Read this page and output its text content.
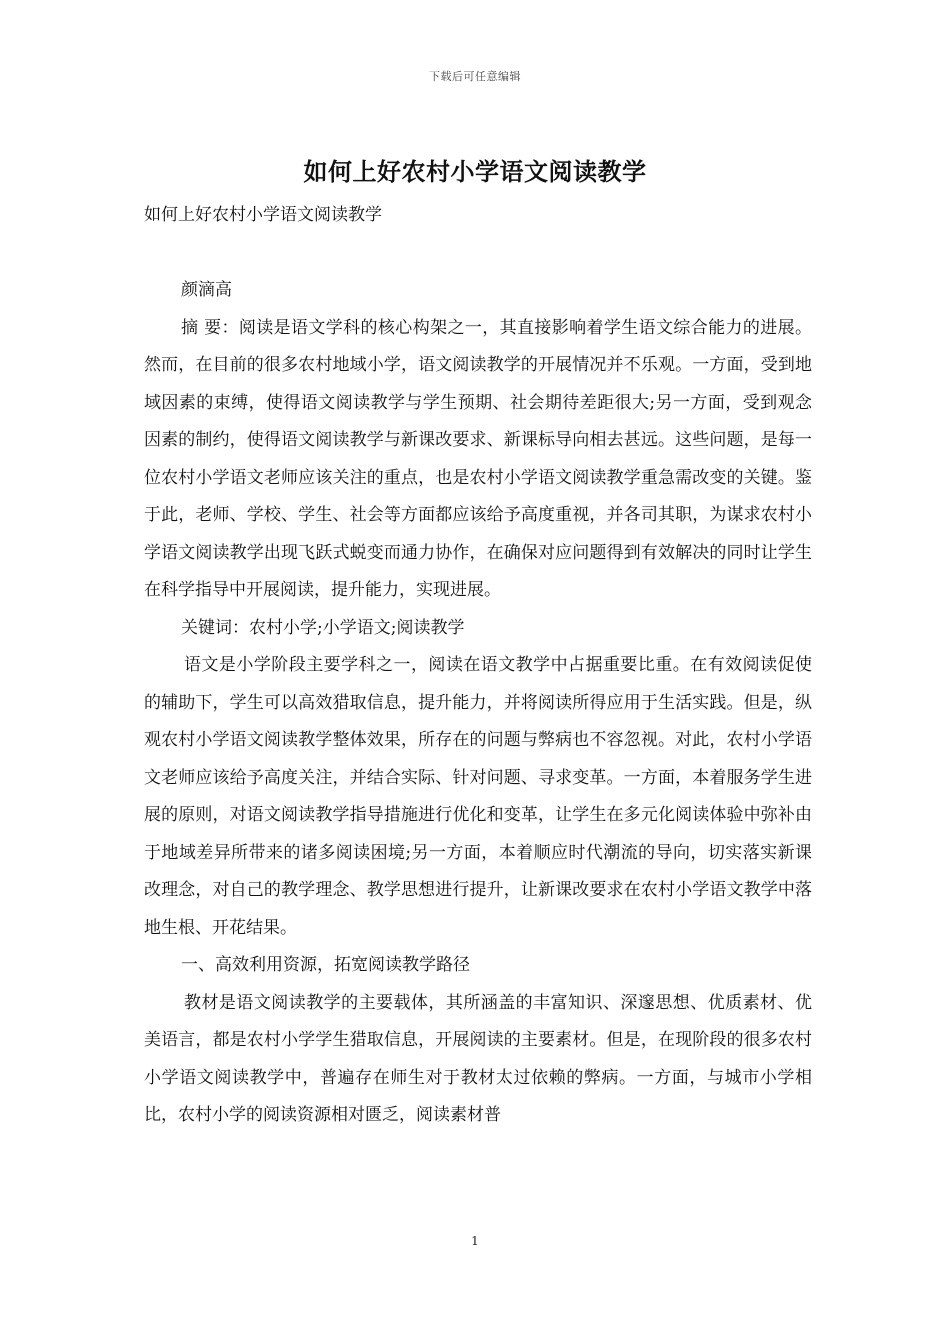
下载后可任意编辑
如何上好农村小学语文阅读教学

如何上好农村小学语文阅读教学

颜滴高

摘 要：阅读是语文学科的核心构架之一，其直接影响着学生语文综合能力的进展。然而，在目前的很多农村地域小学，语文阅读教学的开展情况并不乐观。一方面，受到地域因素的束缚，使得语文阅读教学与学生预期、社会期待差距很大;另一方面，受到观念因素的制约，使得语文阅读教学与新课改要求、新课标导向相去甚远。这些问题，是每一位农村小学语文老师应该关注的重点，也是农村小学语文阅读教学重急需改变的关键。鉴于此，老师、学校、学生、社会等方面都应该给予高度重视，并各司其职，为谋求农村小学语文阅读教学出现飞跃式蜕变而通力协作，在确保对应问题得到有效解决的同时让学生在科学指导中开展阅读，提升能力，实现进展。

关键词：农村小学;小学语文;阅读教学

语文是小学阶段主要学科之一，阅读在语文教学中占据重要比重。在有效阅读促使的辅助下，学生可以高效猎取信息，提升能力，并将阅读所得应用于生活实践。但是，纵观农村小学语文阅读教学整体效果，所存在的问题与弊病也不容忽视。对此，农村小学语文老师应该给予高度关注，并结合实际、针对问题、寻求变革。一方面，本着服务学生进展的原则，对语文阅读教学指导措施进行优化和变革，让学生在多元化阅读体验中弥补由于地域差异所带来的诸多阅读困境;另一方面，本着顺应时代潮流的导向，切实落实新课改理念，对自己的教学理念、教学思想进行提升，让新课改要求在农村小学语文教学中落地生根、开花结果。

一、高效利用资源，拓宽阅读教学路径

教材是语文阅读教学的主要载体，其所涵盖的丰富知识、深邃思想、优质素材、优美语言，都是农村小学学生猎取信息，开展阅读的主要素材。但是，在现阶段的很多农村小学语文阅读教学中，普遍存在师生对于教材太过依赖的弊病。一方面，与城市小学相比，农村小学的阅读资源相对匮乏，阅读素材普

1
